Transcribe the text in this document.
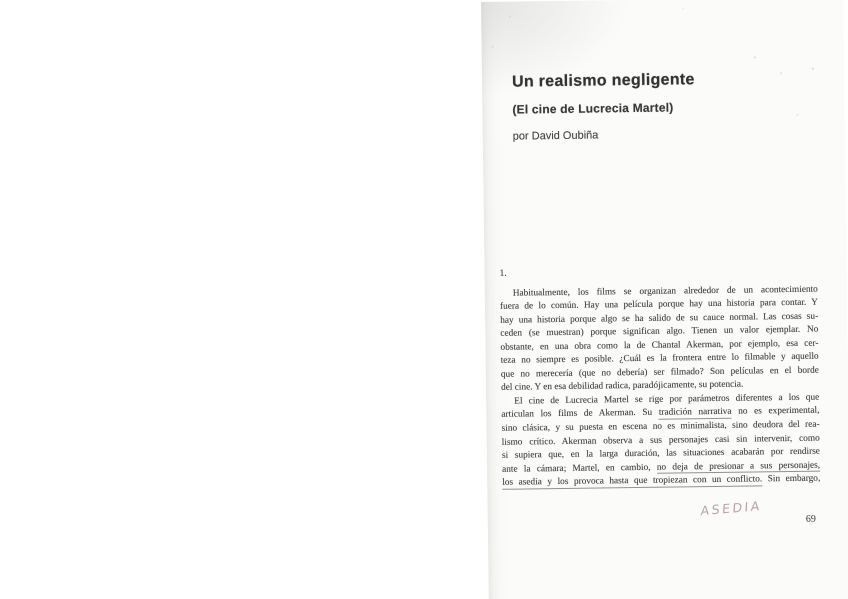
Un realismo negligente
(El cine de Lucrecia Martel)
por David Oubiña
1.
Habitualmente, los films se organizan alrededor de un acontecimiento
fuera de lo común. Hay una película porque hay una historia para contar. Y
hay una historia porque algo se ha salido de su cauce normal. Las cosas su-
ceden (se muestran) porque significan algo. Tienen un valor ejemplar. No
obstante, en una obra como la de Chantal Akerman, por ejemplo, esa cer-
teza no siempre es posible. ¿Cuál es la frontera entre lo filmable y aquello
que no merecería (que no debería) ser filmado? Son películas en el borde
del cine. Y en esa debilidad radica, paradójicamente, su potencia.
El cine de Lucrecia Martel se rige por parámetros diferentes a los que
articulan los films de Akerman. Su tradición narrativa no es experimental,
sino clásica, y su puesta en escena no es minimalista, sino deudora del rea-
lismo crítico. Akerman observa a sus personajes casi sin intervenir, como
si supiera que, en la larga duración, las situaciones acabarán por rendirse
ante la cámara; Martel, en cambio, no deja de presionar a sus personajes,
los asedia y los provoca hasta que tropiezan con un conflicto. Sin embargo,
ASEDIA
69
